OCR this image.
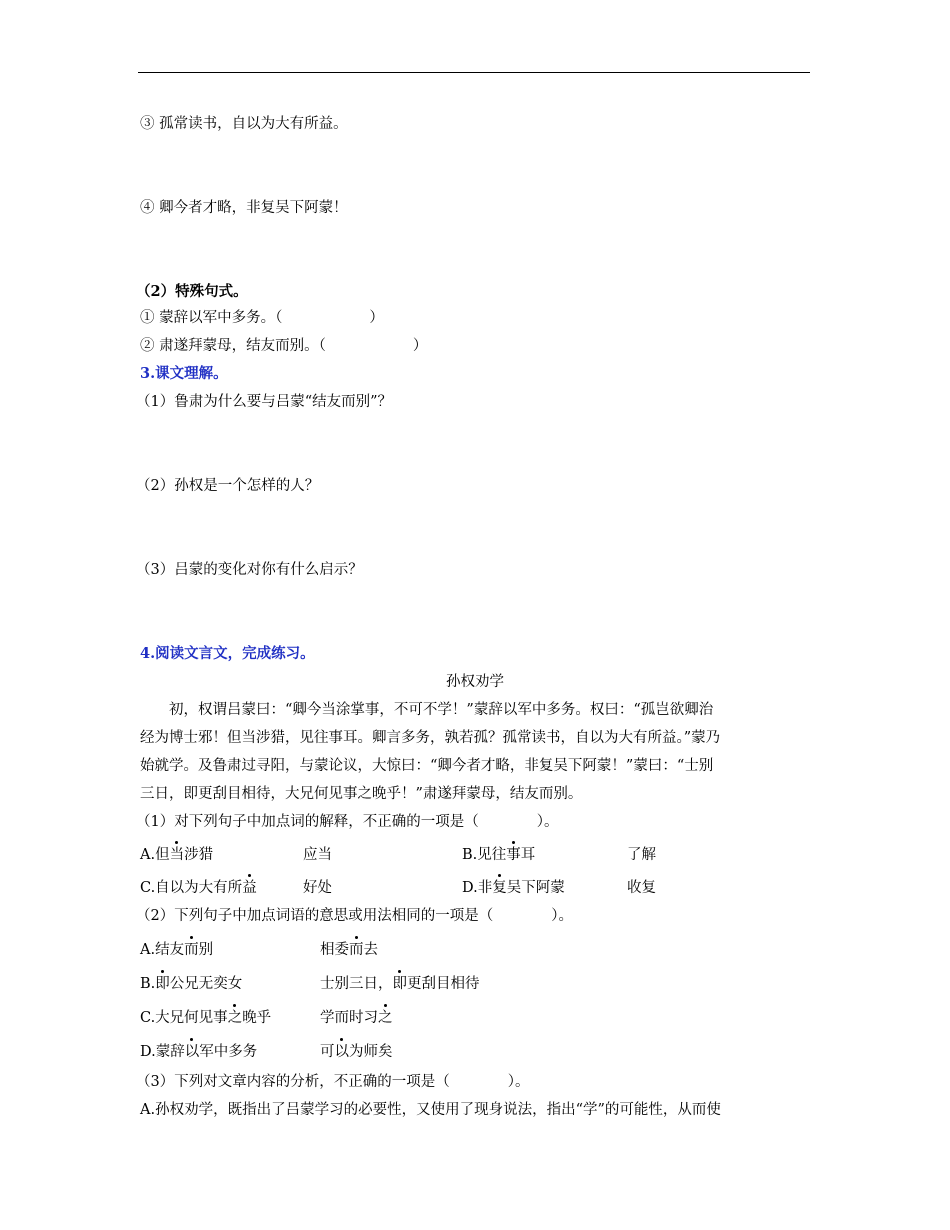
③ 孤常读书，自以为大有所益。
④ 卿今者才略，非复吴下阿蒙！
（2）特殊句式。
① 蒙辞以军中多务。（　　　　　　）
② 肃遂拜蒙母，结友而别。（　　　　　　）
3.课文理解。
（1）鲁肃为什么要与吕蒙“结友而别”？
（2）孙权是一个怎样的人？
（3）吕蒙的变化对你有什么启示？
4.阅读文言文，完成练习。
孙权劝学
　　初，权谓吕蒙曰：“卿今当涂掌事，不可不学！”蒙辞以军中多务。权曰：“孤岂欲卿治
经为博士邪！但当涉猎，见往事耳。卿言多务，孰若孤？孤常读书，自以为大有所益。”蒙乃
始就学。及鲁肃过寻阳，与蒙论议，大惊曰：“卿今者才略，非复吴下阿蒙！”蒙曰：“士别
三日，即更刮目相待，大兄何见事之晚乎！”肃遂拜蒙母，结友而别。
（1）对下列句子中加点词的解释，不正确的一项是（　　　　）。
A.但当涉猎	应当	B.见往事耳	了解
C.自以为大有所益	好处	D.非复吴下阿蒙	收复
（2）下列句子中加点词语的意思或用法相同的一项是（　　　　）。
A.结友而别	相委而去
B.即公兄无奕女	士别三日，即更刮目相待
C.大兄何见事之晚乎	学而时习之
D.蒙辞以军中多务	可以为师矣
（3）下列对文章内容的分析，不正确的一项是（　　　　）。
A.孙权劝学，既指出了吕蒙学习的必要性，又使用了现身说法，指出“学”的可能性，从而使
